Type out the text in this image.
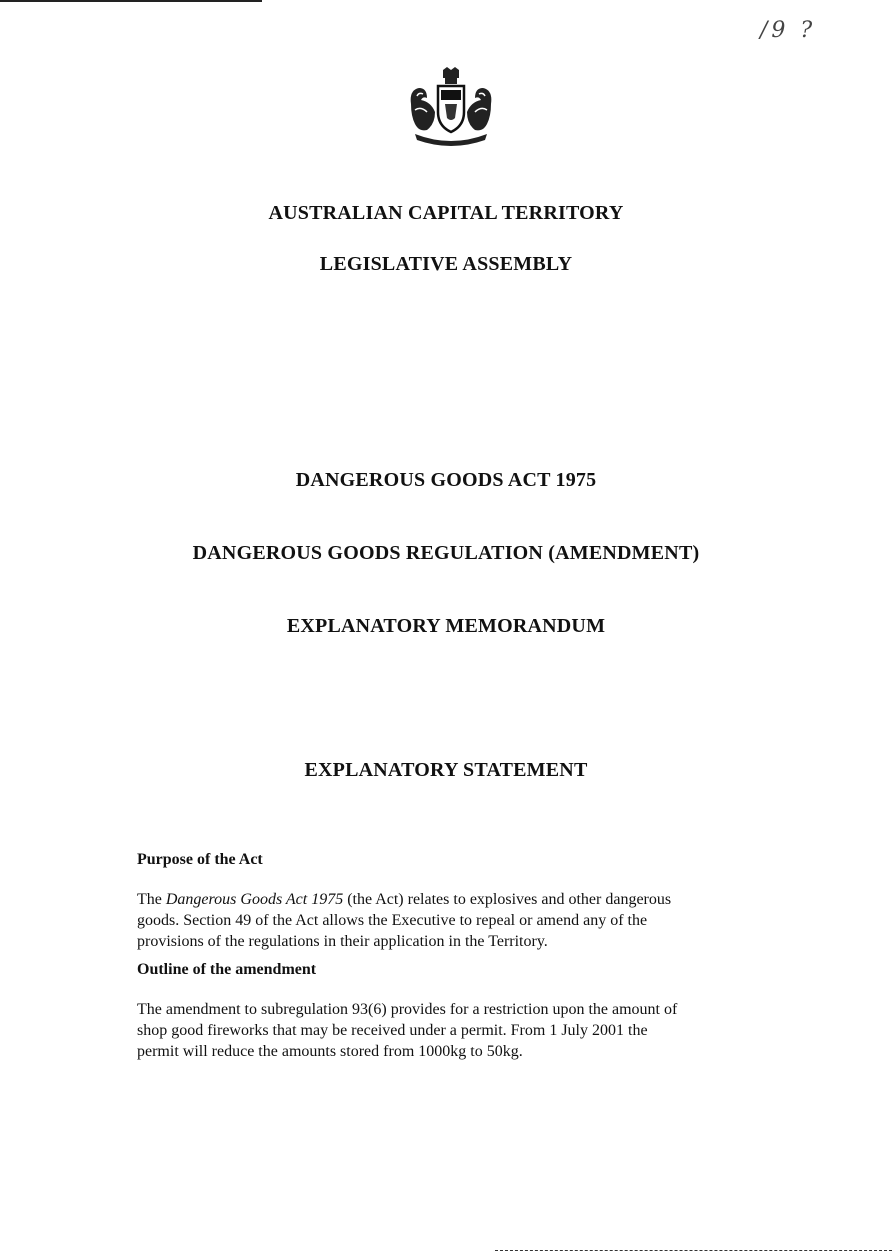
/9 ?
AUSTRALIAN CAPITAL TERRITORY
LEGISLATIVE ASSEMBLY
DANGEROUS GOODS ACT 1975
DANGEROUS GOODS REGULATION (AMENDMENT)
EXPLANATORY MEMORANDUM
EXPLANATORY STATEMENT
Purpose of the Act
The Dangerous Goods Act 1975 (the Act) relates to explosives and other dangerous
goods. Section 49 of the Act allows the Executive to repeal or amend any of the
provisions of the regulations in their application in the Territory.
Outline of the amendment
The amendment to subregulation 93(6) provides for a restriction upon the amount of
shop good fireworks that may be received under a permit. From 1 July 2001 the
permit will reduce the amounts stored from 1000kg to 50kg.
